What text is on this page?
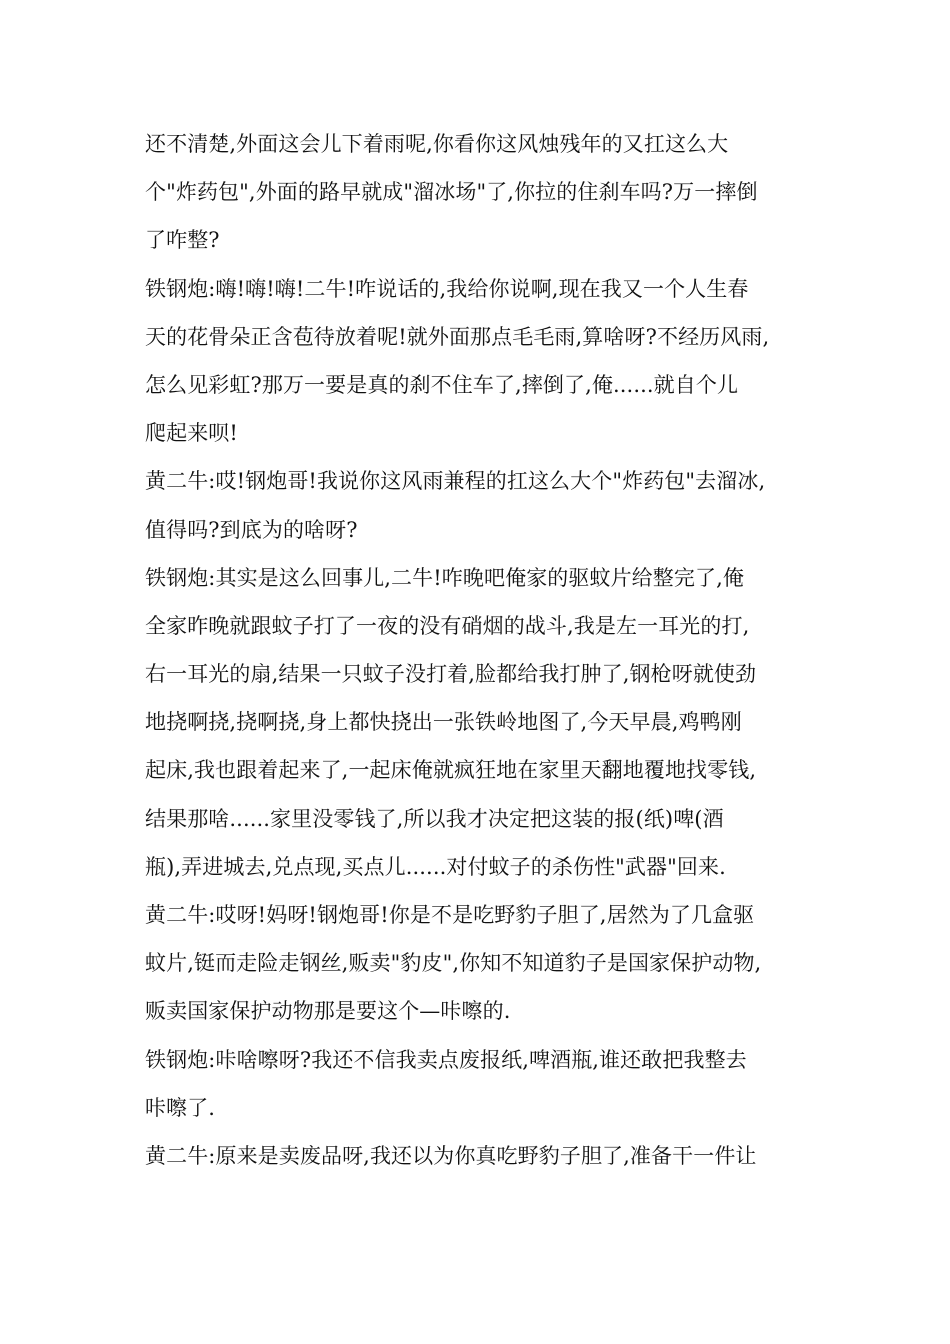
还不清楚,外面这会儿下着雨呢,你看你这风烛残年的又扛这么大
个"炸药包",外面的路早就成"溜冰场"了,你拉的住刹车吗?万一摔倒
了咋整?
铁钢炮:嗨!嗨!嗨!二牛!咋说话的,我给你说啊,现在我又一个人生春
天的花骨朵正含苞待放着呢!就外面那点毛毛雨,算啥呀?不经历风雨,
怎么见彩虹?那万一要是真的刹不住车了,摔倒了,俺......就自个儿
爬起来呗!
黄二牛:哎!钢炮哥!我说你这风雨兼程的扛这么大个"炸药包"去溜冰,
值得吗?到底为的啥呀?
铁钢炮:其实是这么回事儿,二牛!咋晚吧俺家的驱蚊片给整完了,俺
全家昨晚就跟蚊子打了一夜的没有硝烟的战斗,我是左一耳光的打,
右一耳光的扇,结果一只蚊子没打着,脸都给我打肿了,钢枪呀就使劲
地挠啊挠,挠啊挠,身上都快挠出一张铁岭地图了,今天早晨,鸡鸭刚
起床,我也跟着起来了,一起床俺就疯狂地在家里天翻地覆地找零钱,
结果那啥......家里没零钱了,所以我才决定把这装的报(纸)啤(酒
瓶),弄进城去,兑点现,买点儿......对付蚊子的杀伤性"武器"回来.
黄二牛:哎呀!妈呀!钢炮哥!你是不是吃野豹子胆了,居然为了几盒驱
蚊片,铤而走险走钢丝,贩卖"豹皮",你知不知道豹子是国家保护动物,
贩卖国家保护动物那是要这个—咔嚓的.
铁钢炮:咔啥嚓呀?我还不信我卖点废报纸,啤酒瓶,谁还敢把我整去
咔嚓了.
黄二牛:原来是卖废品呀,我还以为你真吃野豹子胆了,准备干一件让
